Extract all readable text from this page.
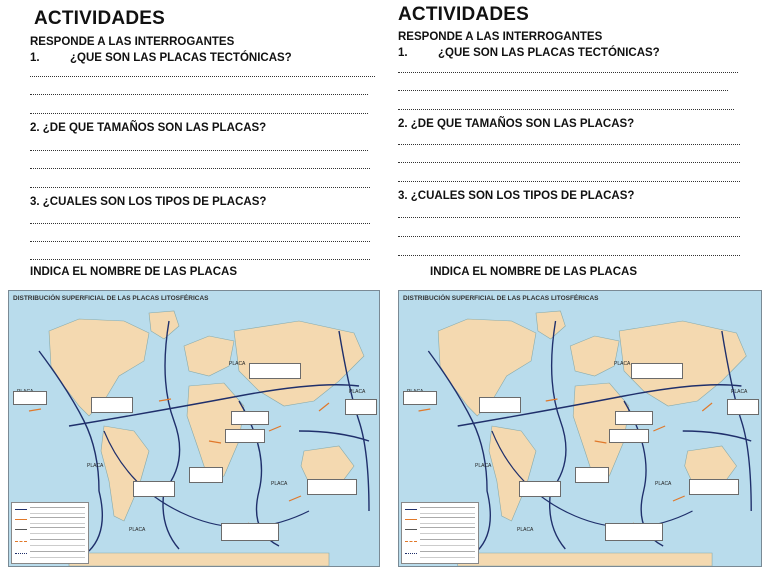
ACTIVIDADES
RESPONDE A LAS INTERROGANTES
1.	¿QUE SON LAS PLACAS TECTÓNICAS?
2. ¿DE QUE TAMAÑOS SON LAS PLACAS?
3. ¿CUALES SON LOS TIPOS DE PLACAS?
INDICA EL NOMBRE DE LAS PLACAS
DISTRIBUCIÓN SUPERFICIAL DE LAS PLACAS LITOSFÉRICAS
PLACA
PLACA
PLACA
PLACA
PLACA
ACTIVIDADES
RESPONDE A LAS INTERROGANTES
1.	¿QUE SON LAS PLACAS TECTÓNICAS?
2. ¿DE QUE TAMAÑOS SON LAS PLACAS?
3. ¿CUALES SON LOS TIPOS DE PLACAS?
INDICA EL NOMBRE DE LAS PLACAS
DISTRIBUCIÓN SUPERFICIAL DE LAS PLACAS LITOSFÉRICAS
PLACA
PLACA
PLACA
PLACA
PLACA
